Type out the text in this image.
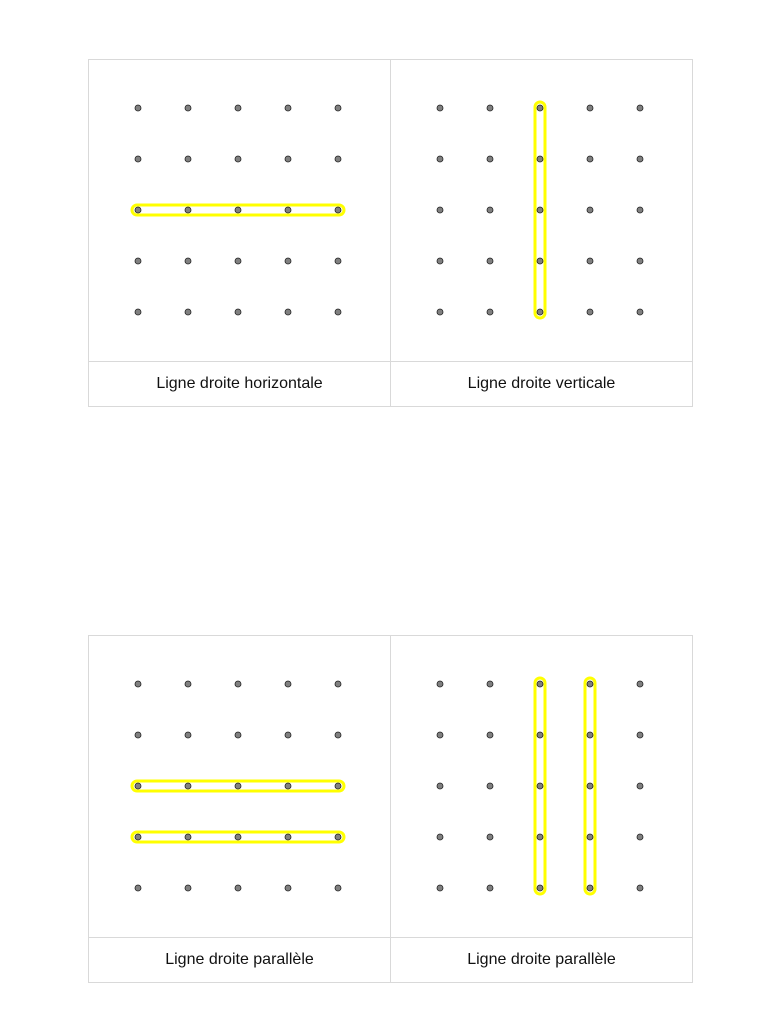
Ligne droite horizontale	Ligne droite verticale
Ligne droite parallèle	Ligne droite parallèle
